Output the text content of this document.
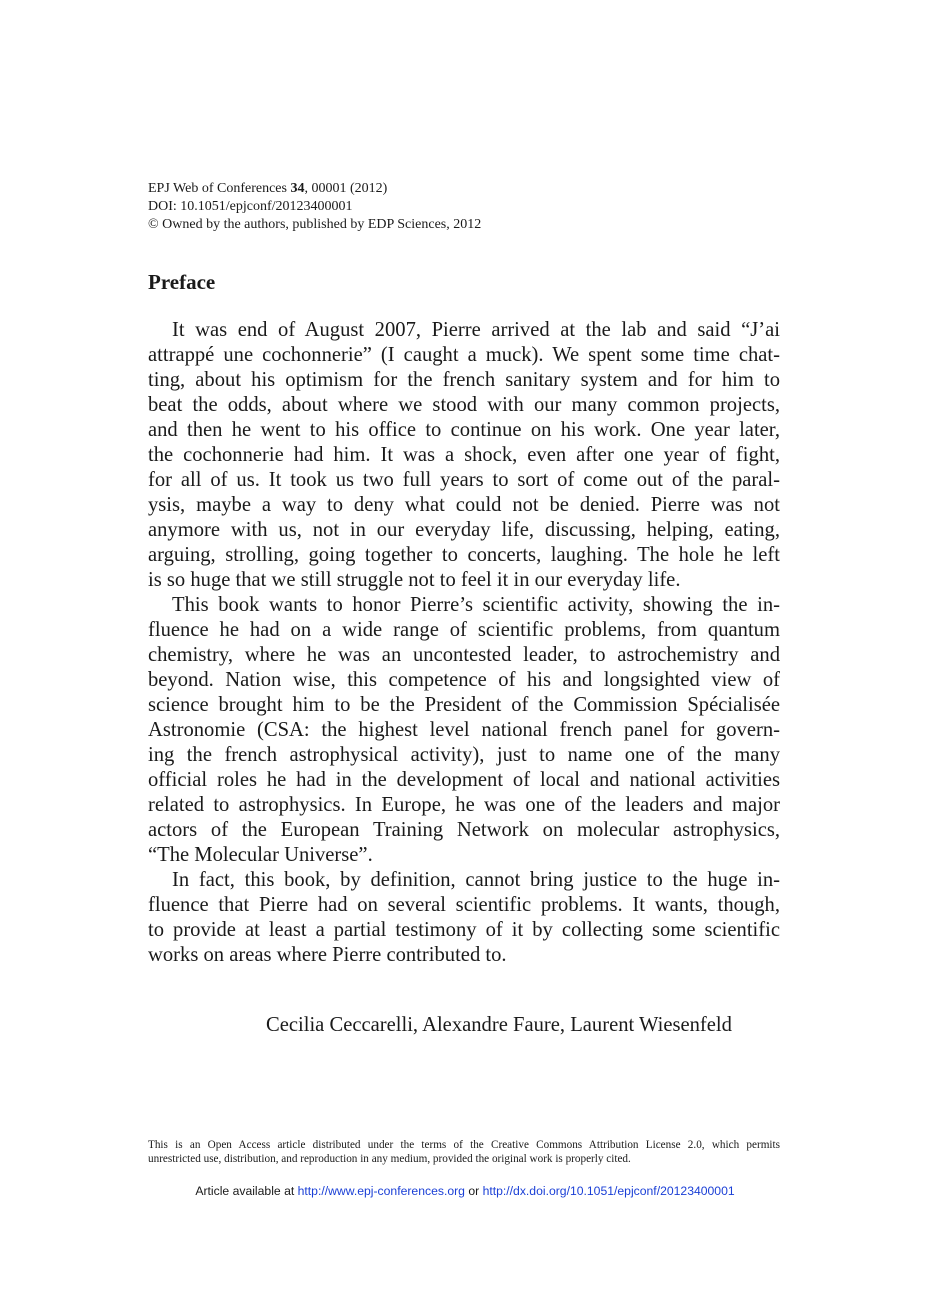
EPJ Web of Conferences 34, 00001 (2012)
DOI: 10.1051/epjconf/20123400001
© Owned by the authors, published by EDP Sciences, 2012
Preface

It was end of August 2007, Pierre arrived at the lab and said “J’ai
attrappé une cochonnerie” (I caught a muck). We spent some time chat-
ting, about his optimism for the french sanitary system and for him to
beat the odds, about where we stood with our many common projects,
and then he went to his office to continue on his work. One year later,
the cochonnerie had him. It was a shock, even after one year of fight,
for all of us. It took us two full years to sort of come out of the paral-
ysis, maybe a way to deny what could not be denied. Pierre was not
anymore with us, not in our everyday life, discussing, helping, eating,
arguing, strolling, going together to concerts, laughing. The hole he left
is so huge that we still struggle not to feel it in our everyday life.

This book wants to honor Pierre’s scientific activity, showing the in-
fluence he had on a wide range of scientific problems, from quantum
chemistry, where he was an uncontested leader, to astrochemistry and
beyond. Nation wise, this competence of his and longsighted view of
science brought him to be the President of the Commission Spécialisée
Astronomie (CSA: the highest level national french panel for govern-
ing the french astrophysical activity), just to name one of the many
official roles he had in the development of local and national activities
related to astrophysics. In Europe, he was one of the leaders and major
actors of the European Training Network on molecular astrophysics,
“The Molecular Universe”.

In fact, this book, by definition, cannot bring justice to the huge in-
fluence that Pierre had on several scientific problems. It wants, though,
to provide at least a partial testimony of it by collecting some scientific
works on areas where Pierre contributed to.

Cecilia Ceccarelli, Alexandre Faure, Laurent Wiesenfeld
This is an Open Access article distributed under the terms of the Creative Commons Attribution License 2.0, which permits
unrestricted use, distribution, and reproduction in any medium, provided the original work is properly cited.
Article available at http://www.epj-conferences.org or http://dx.doi.org/10.1051/epjconf/20123400001
